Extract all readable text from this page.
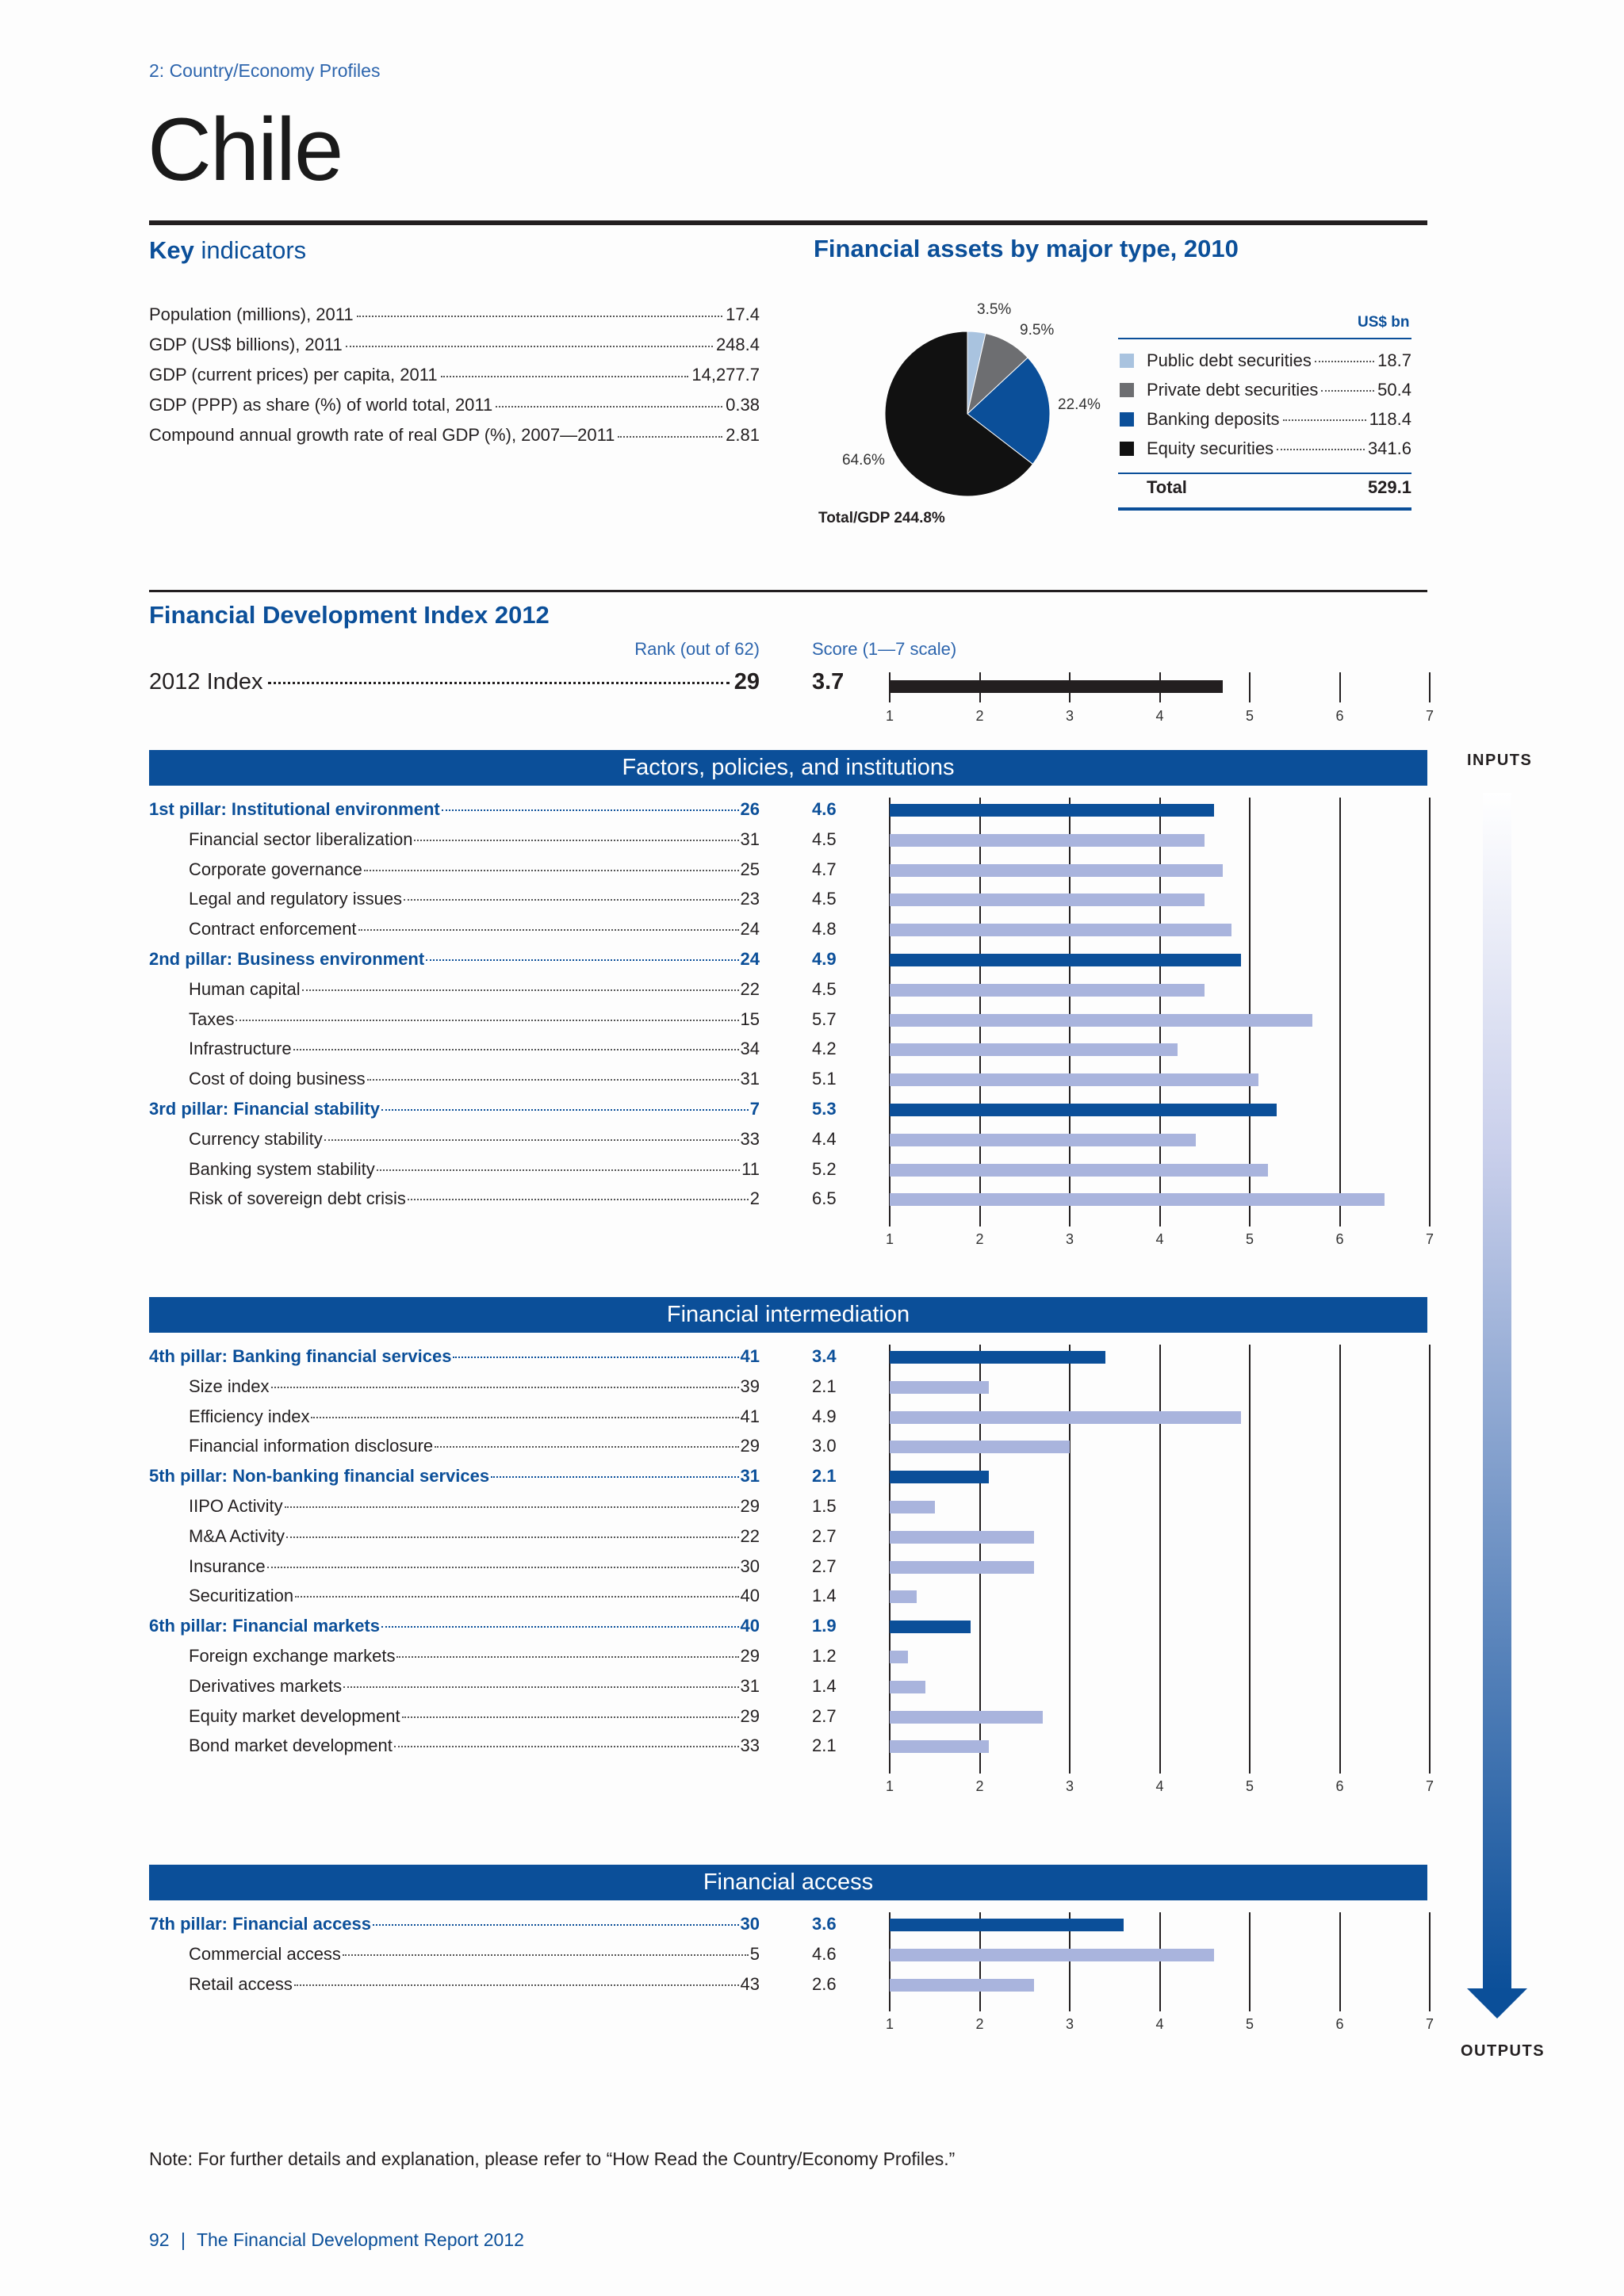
2: Country/Economy Profiles
Chile
Key indicators
Population (millions), 2011	17.4
GDP (US$ billions), 2011	248.4
GDP (current prices) per capita, 2011	14,277.7
GDP (PPP) as share (%) of world total, 2011	0.38
Compound annual growth rate of real GDP (%), 2007—2011	2.81
Financial assets by major type, 2010
3.5%
9.5%
22.4%
64.6%
Total/GDP 244.8%
US$ bn
Public debt securities	18.7
Private debt securities	50.4
Banking deposits	118.4
Equity securities	341.6
Total	529.1
Financial Development Index 2012
Rank (out of 62)	Score (1—7 scale)
2012 Index	29 3.7
1	2	3	4	5	6	7
Factors, policies, and institutions
1st pillar: Institutional environment	26	4.6
Financial sector liberalization	31	4.5
Corporate governance	25	4.7
Legal and regulatory issues	23	4.5
Contract enforcement	24	4.8
2nd pillar: Business environment	24	4.9
Human capital	22	4.5
Taxes	15	5.7
Infrastructure	34	4.2
Cost of doing business	31	5.1
3rd pillar: Financial stability	7	5.3
Currency stability	33	4.4
Banking system stability	11	5.2
Risk of sovereign debt crisis	2	6.5
1	2	3	4	5	6	7
Financial intermediation
4th pillar: Banking financial services	41	3.4
Size index	39	2.1
Efficiency index	41	4.9
Financial information disclosure	29	3.0
5th pillar: Non-banking financial services	31	2.1
IIPO Activity	29	1.5
M&A Activity	22	2.7
Insurance	30	2.7
Securitization	40	1.4
6th pillar: Financial markets	40	1.9
Foreign exchange markets	29	1.2
Derivatives markets	31	1.4
Equity market development	29	2.7
Bond market development	33	2.1
1	2	3	4	5	6	7
Financial access
7th pillar: Financial access	30	3.6
Commercial access	5	4.6
Retail access	43	2.6
1	2	3	4	5	6	7
INPUTS
OUTPUTS
Note: For further details and explanation, please refer to “How Read the Country/Economy Profiles.”
92 | The Financial Development Report 2012
